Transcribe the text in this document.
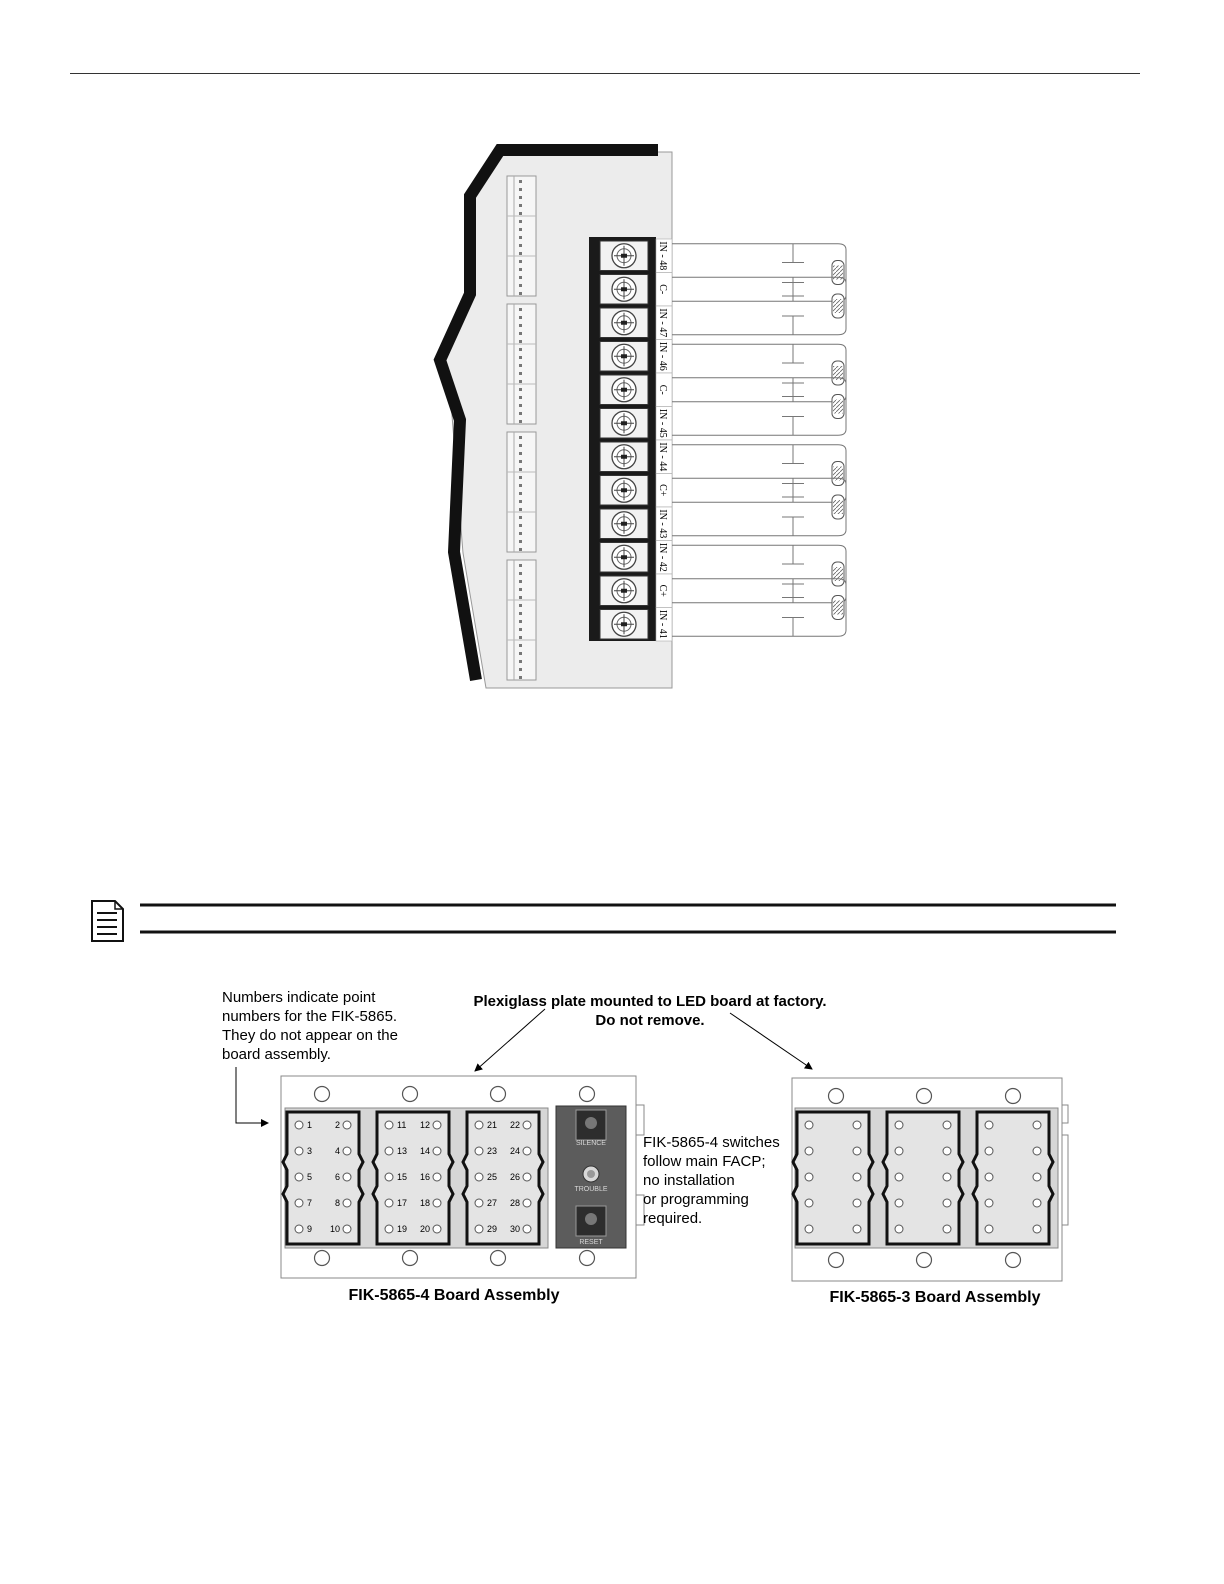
IN - 48
C-
IN - 47
IN - 46
C-
IN - 45
IN - 44
C+
IN - 43
IN - 42
C+
IN - 41
Numbers indicate point numbers for the FIK-5865. They do not appear on the board assembly.
Plexiglass plate mounted to LED board at factory.
Do not remove.
1	2
3	4
5	6
7	8
9 10
11 12
13 14
15 16
17 18
19 20
21 22
23 24
25 26
27 28
29 30
SILENCE
TROUBLE
RESET
FIK-5865-4 Board Assembly
FIK-5865-4 switches follow main FACP; no installation or programming required.
FIK-5865-3 Board Assembly
